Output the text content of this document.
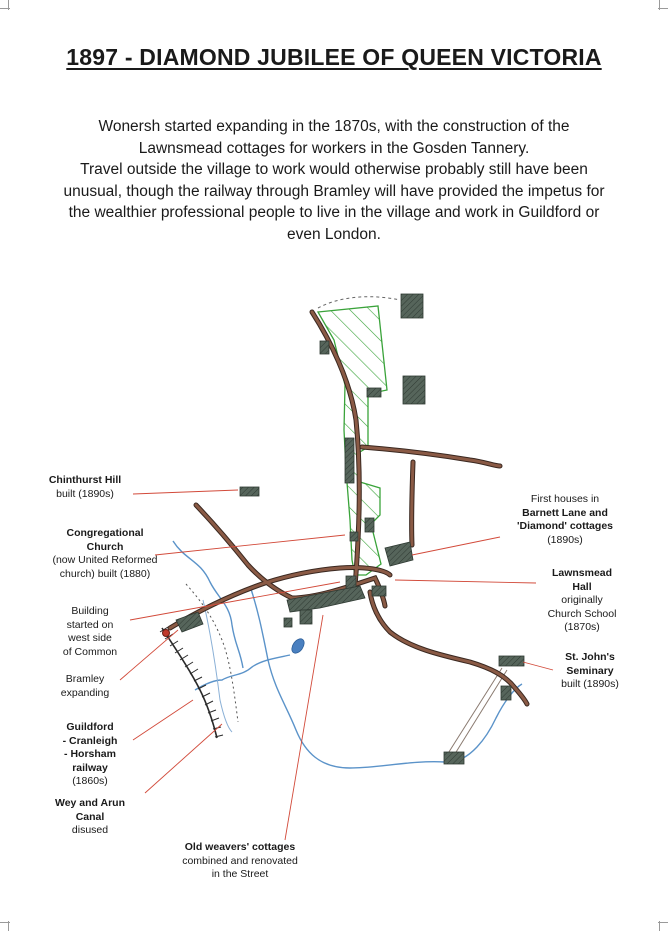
1897 - DIAMOND JUBILEE OF QUEEN VICTORIA

Wonersh started expanding in the 1870s, with the construction of the Lawnsmead cottages for workers in the Gosden Tannery.

Travel outside the village to work would otherwise probably still have been unusual, though the railway through Bramley will have provided the impetus for the wealthier professional people to live in the village and work in Guildford or even London.

Chinthurst Hill
built (1890s)
Congregational
Church
(now United Reformed
church) built (1880)
Building
started on
west side
of Common
Bramley
expanding
Guildford
- Cranleigh
- Horsham
railway
(1860s)
Wey and Arun
Canal
disused
Old weavers' cottages
combined and renovated
in the Street
First houses in
Barnett Lane and
'Diamond' cottages
(1890s)
Lawnsmead
Hall
originally
Church School
(1870s)
St. John's
Seminary
built (1890s)
